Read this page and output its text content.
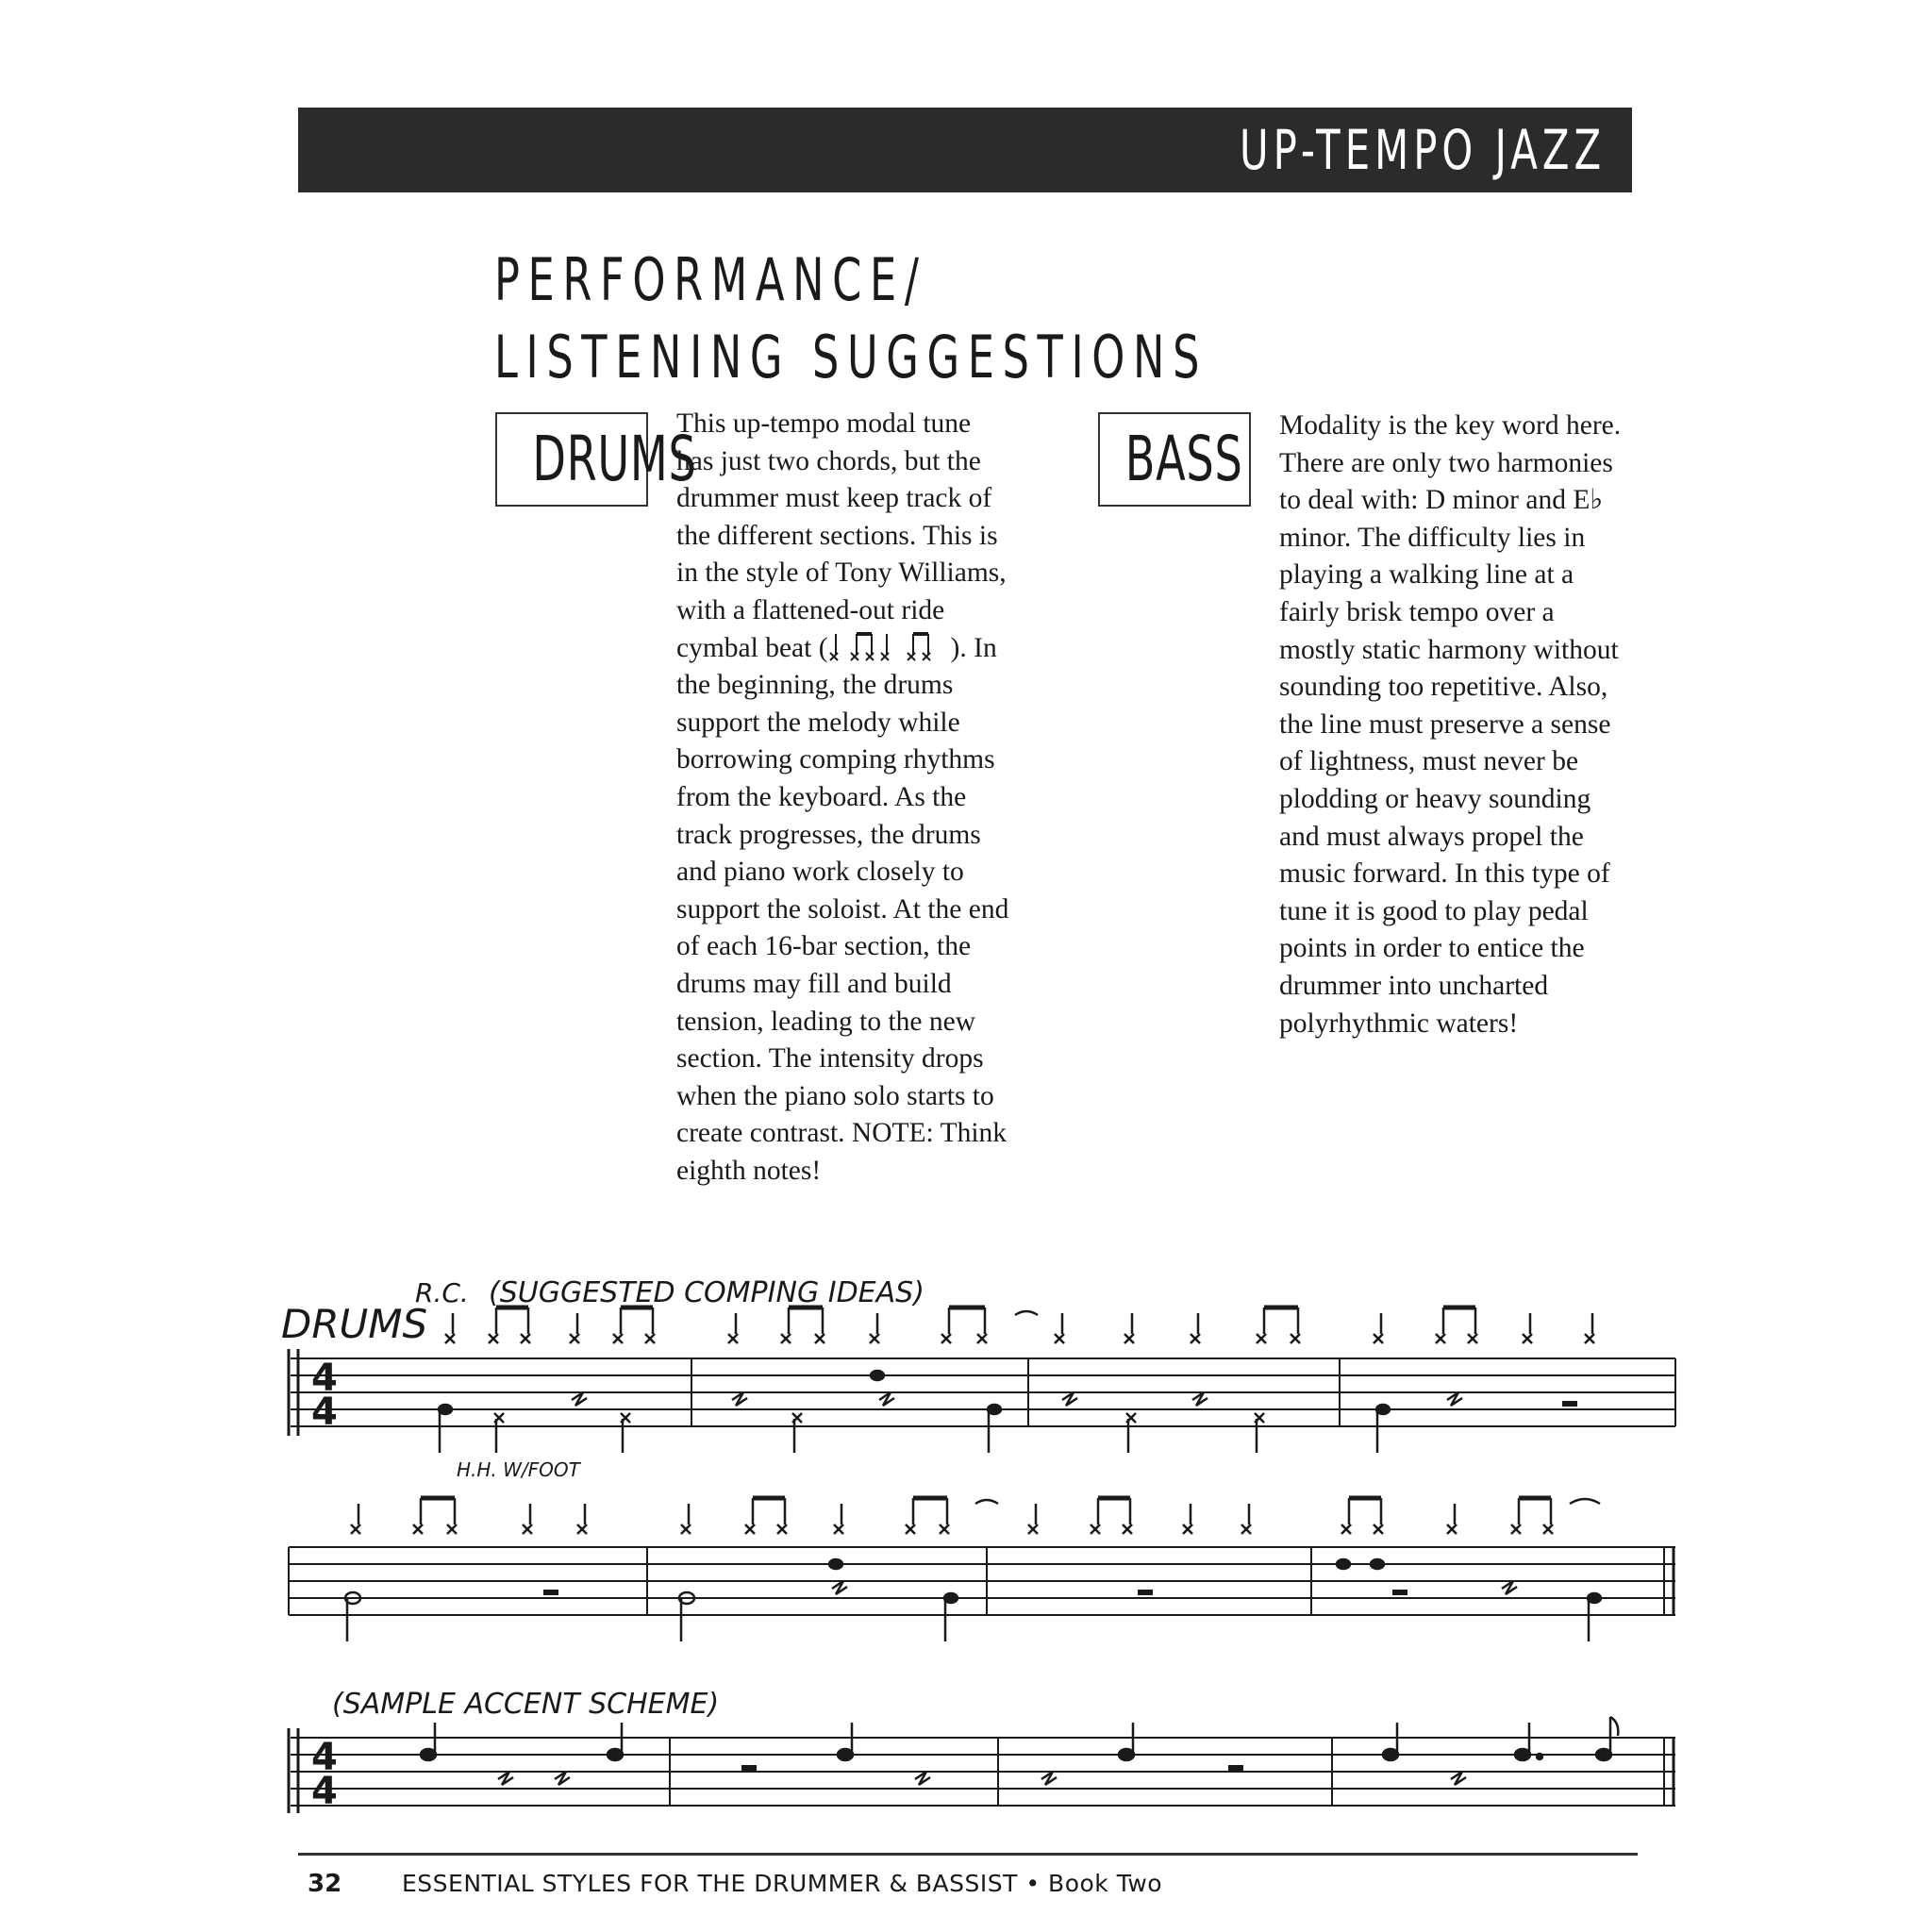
UP-TEMPO JAZZ
PERFORMANCE/
LISTENING SUGGESTIONS
DRUMS

This up-tempo modal tune
has just two chords, but the
drummer must keep track of
the different sections. This is
in the style of Tony Williams,
with a flattened-out ride
cymbal beat (	). In
the beginning, the drums
support the melody while
borrowing comping rhythms
from the keyboard. As the
track progresses, the drums
and piano work closely to
support the soloist. At the end
of each 16-bar section, the
drums may fill and build
tension, leading to the new
section. The intensity drops
when the piano solo starts to
create contrast. NOTE: Think
eighth notes!

BASS Modality is the key word here.
There are only two harmonies
to deal with: D minor and E♭
minor. The difficulty lies in
playing a walking line at a
fairly brisk tempo over a
mostly static harmony without
sounding too repetitive. Also,
the line must preserve a sense
of lightness, must never be
plodding or heavy sounding
and must always propel the
music forward. In this type of
tune it is good to play pedal
points in order to entice the
drummer into uncharted
polyrhythmic waters!

DRUMS
R.C. (SUGGESTED COMPING IDEAS)
H.H. W/FOOT
(SAMPLE ACCENT SCHEME)
4
4
4
4
32	ESSENTIAL STYLES FOR THE DRUMMER & BASSIST • Book Two
